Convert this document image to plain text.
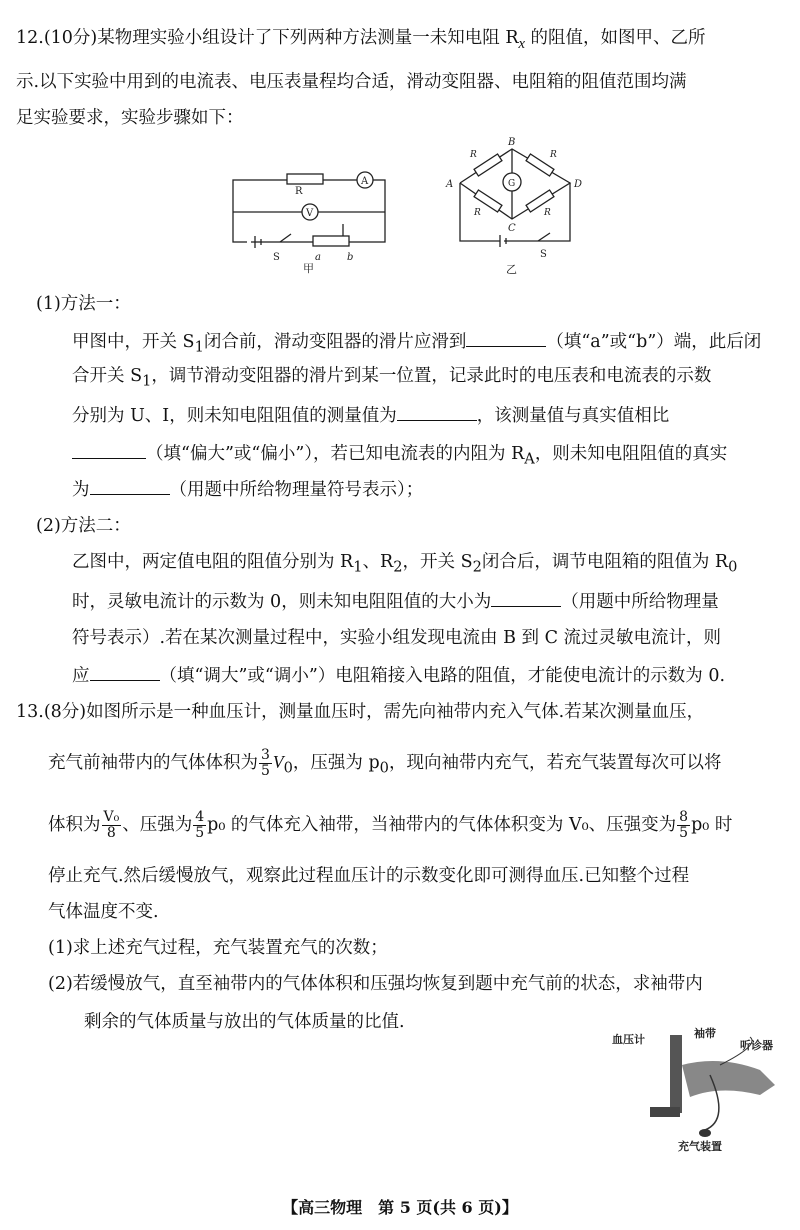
12.(10分)某物理实验小组设计了下列两种方法测量一未知电阻 $R_x$ 的阻值，如图甲、乙所
示.以下实验中用到的电流表、电压表量程均合适，滑动变阻器、电阻箱的阻值范围均满
足实验要求，实验步骤如下：
R
A
V
S	a	b
甲
A
B
D
C
G
R	R
R	R
S
乙
(1)方法一：
甲图中，开关 $S_1$闭合前，滑动变阻器的滑片应滑到	（填“a”或“b”）端，此后闭
合开关 $S_1$，调节滑动变阻器的滑片到某一位置，记录此时的电压表和电流表的示数
分别为 U、I，则未知电阻阻值的测量值为	，该测量值与真实值相比
（填“偏大”或“偏小”），若已知电流表的内阻为 $R_A$，则未知电阻阻值的真实
为	（用题中所给物理量符号表示）；
(2)方法二：
乙图中，两定值电阻的阻值分别为 $R_1$、$R_2$，开关 $S_2$闭合后，调节电阻箱的阻值为 $R_0$
时，灵敏电流计的示数为 0，则未知电阻阻值的大小为	（用题中所给物理量
符号表示）.若在某次测量过程中，实验小组发现电流由 B 到 C 流过灵敏电流计，则
应	（填“调大”或“调小”）电阻箱接入电路的阻值，才能使电流计的示数为 0.
13.(8分)如图所示是一种血压计，测量血压时，需先向袖带内充入气体.若某次测量血压，
充气前袖带内的气体体积为 $\frac{3}{5} V_0$，压强为 $p_0$，现向袖带内充气，若充气装置每次可以将
体积为 $\frac{\text{V₀}}{8}$ 、压强为 $\frac{4}{5} p_0$ 的气体充入袖带，当袖带内的气体体积变为 V₀、压强变为 $\frac{8}{5} p_0$ 时
停止充气.然后缓慢放气，观察此过程血压计的示数变化即可测得血压.已知整个过程
气体温度不变.
(1)求上述充气过程，充气装置充气的次数；
(2)若缓慢放气，直至袖带内的气体体积和压强均恢复到题中充气前的状态，求袖带内
剩余的气体质量与放出的气体质量的比值.
血压计	袖带
听诊器
充气装置
【高三物理　第 5 页(共 6 页)】
